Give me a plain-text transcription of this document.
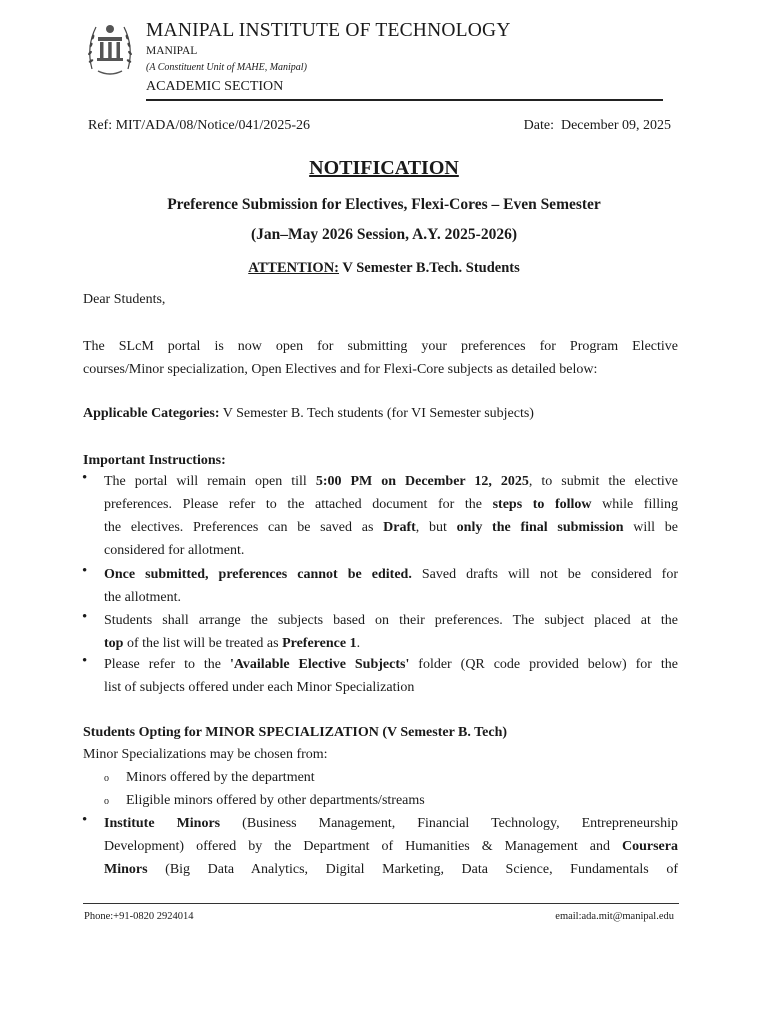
MANIPAL INSTITUTE OF TECHNOLOGY
MANIPAL
(A Constituent Unit of MAHE, Manipal)
ACADEMIC SECTION
Ref: MIT/ADA/08/Notice/041/2025-26	Date: December 09, 2025
NOTIFICATION
Preference Submission for Electives, Flexi-Cores – Even Semester
(Jan–May 2026 Session, A.Y. 2025-2026)
ATTENTION: V Semester B.Tech. Students
Dear Students,
The SLcM portal is now open for submitting your preferences for Program Elective
courses/Minor specialization, Open Electives and for Flexi-Core subjects as detailed below:
Applicable Categories: V Semester B. Tech students (for VI Semester subjects)
Important Instructions:
• The portal will remain open till 5:00 PM on December 12, 2025, to submit the elective
preferences. Please refer to the attached document for the steps to follow while filling
the electives. Preferences can be saved as Draft, but only the final submission will be
considered for allotment.
• Once submitted, preferences cannot be edited. Saved drafts will not be considered for
the allotment.
• Students shall arrange the subjects based on their preferences. The subject placed at the
top of the list will be treated as Preference 1.
• Please refer to the 'Available Elective Subjects' folder (QR code provided below) for the
list of subjects offered under each Minor Specialization
Students Opting for MINOR SPECIALIZATION (V Semester B. Tech)
Minor Specializations may be chosen from:
o Minors offered by the department
o Eligible minors offered by other departments/streams
• Institute Minors (Business Management, Financial Technology, Entrepreneurship
Development) offered by the Department of Humanities & Management and Coursera
Minors (Big Data Analytics, Digital Marketing, Data Science, Fundamentals of
Phone:+91-0820 2924014	email:ada.mit@manipal.edu
